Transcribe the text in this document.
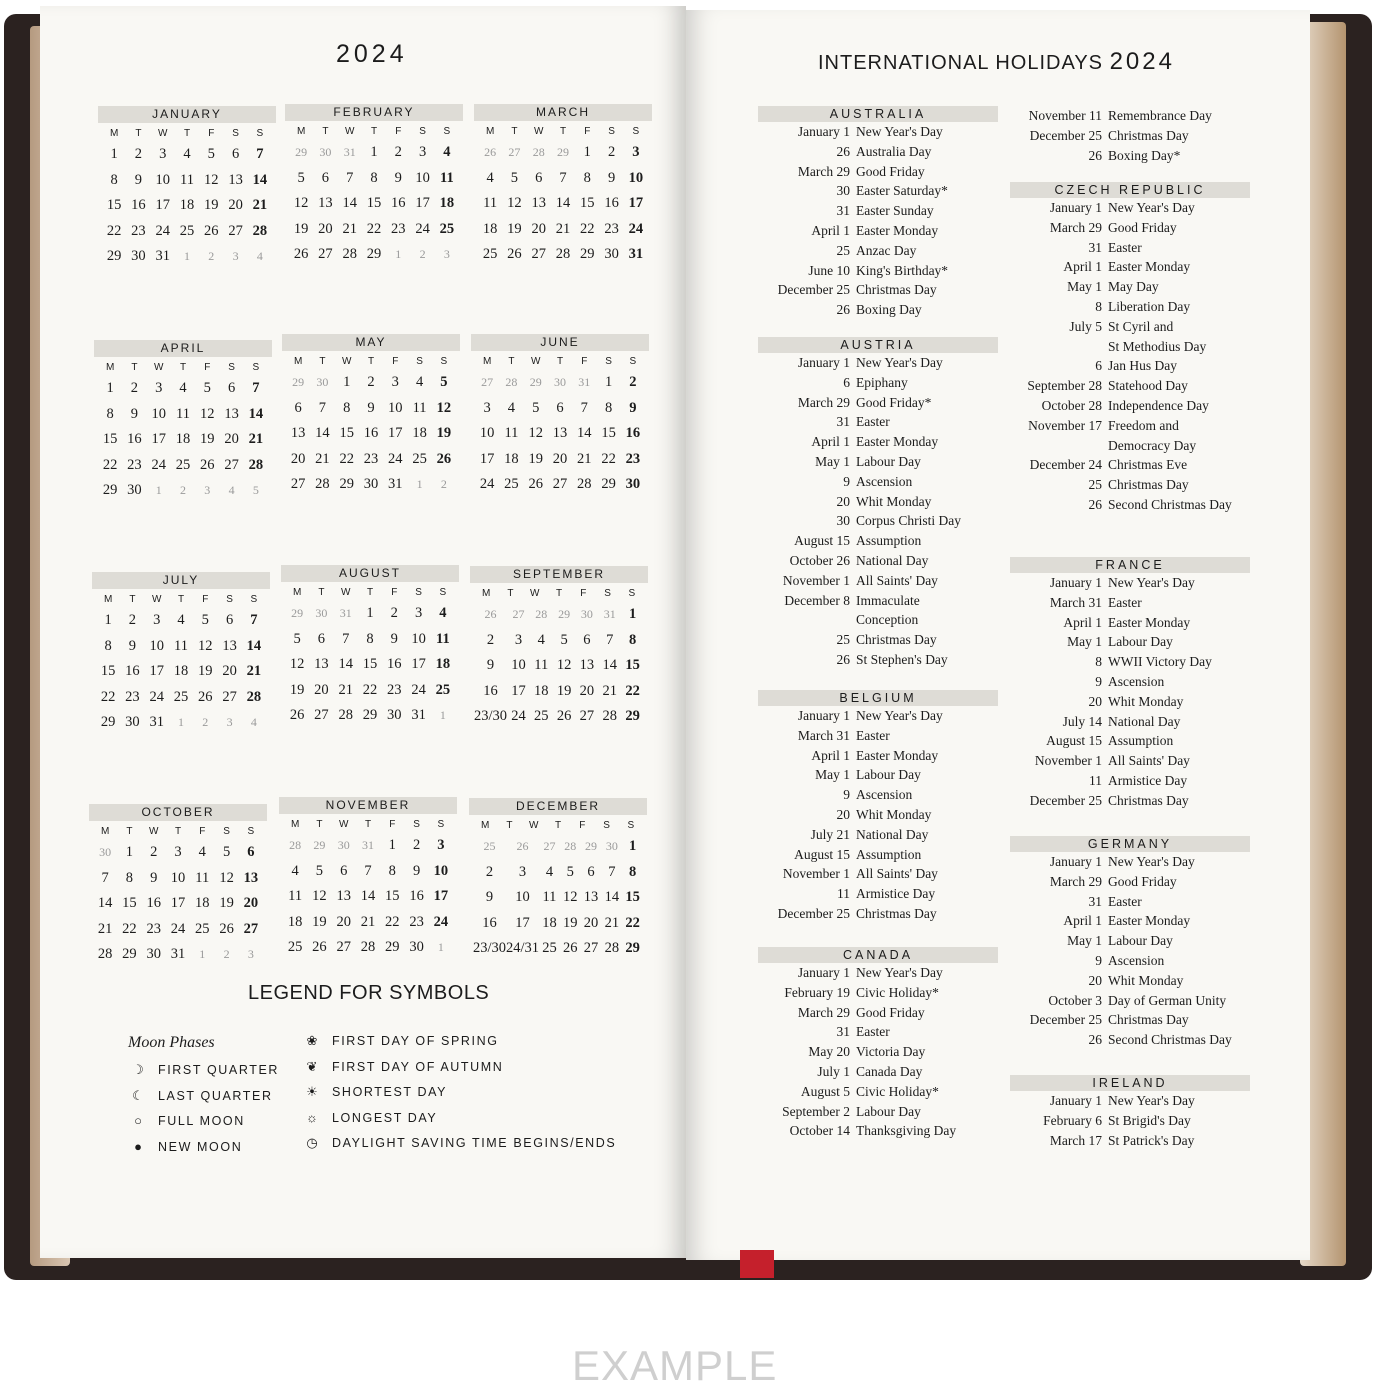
2024
JANUARY
M	T	W	T	F	S	S
1	2	3	4	5	6	7
8	9 10 11 12 13 14
15 16 17 18 19 20 21
22 23 24 25 26 27 28
29 30 31	1	2	3	4
FEBRUARY
M	T	W	T	F	S	S
29	30	31	1	2	3	4
5	6	7	8	9 10 11
12 13 14 15 16 17 18
19 20 21 22 23 24 25
26 27 28 29	1	2	3
MARCH
M	T	W	T	F	S	S
26	27	28	29	1	2	3
4	5	6	7	8	9 10
11 12 13 14 15 16 17
18 19 20 21 22 23 24
25 26 27 28 29 30 31
APRIL
M	T	W	T	F	S	S
1	2	3	4	5	6	7
8	9 10 11 12 13 14
15 16 17 18 19 20 21
22 23 24 25 26 27 28
29 30	1	2	3	4	5
MAY
M	T	W	T	F	S	S
29	30	1	2	3	4	5
6	7	8	9 10 11 12
13 14 15 16 17 18 19
20 21 22 23 24 25 26
27 28 29 30 31	1	2
JUNE
M	T	W	T	F	S	S
27	28	29	30	31	1	2
3	4	5	6	7	8	9
10 11 12 13 14 15 16
17 18 19 20 21 22 23
24 25 26 27 28 29 30
JULY
M	T	W	T	F	S	S
1	2	3	4	5	6	7
8	9 10 11 12 13 14
15 16 17 18 19 20 21
22 23 24 25 26 27 28
29 30 31	1	2	3	4
AUGUST
M	T	W	T	F	S	S
29	30	31	1	2	3	4
5	6	7	8	9 10 11
12 13 14 15 16 17 18
19 20 21 22 23 24 25
26 27 28 29 30 31	1
SEPTEMBER
M	T	W	T	F	S	S
26	27 28 29 30 31 1
2	3	4	5	6	7	8
9	10 11 12 13 14 15
16 17 18 19 20 21 22
23/30 24 25 26 27 28 29
OCTOBER
M	T	W	T	F	S	S
30	1	2	3	4	5	6
7	8	9 10 11 12 13
14 15 16 17 18 19 20
21 22 23 24 25 26 27
28 29 30 31	1	2	3
NOVEMBER
M	T	W	T	F	S	S
28	29	30	31	1	2	3
4	5	6	7	8	9 10
11 12 13 14 15 16 17
18 19 20 21 22 23 24
25 26 27 28 29 30	1
DECEMBER
M	T	W	T	F	S	S
25	26	27 28 29 30 1
2	3	4 5 6 7 8
9	10 11 12 13 14 15
16	17 18 19 20 21 22
23/30 24/31 25 26 27 28 29
LEGEND FOR SYMBOLS
Moon Phases
☽ FIRST QUARTER
☾ LAST QUARTER
○ FULL MOON
● NEW MOON
❀ FIRST DAY OF SPRING
❦ FIRST DAY OF AUTUMN
☀ SHORTEST DAY
☼ LONGEST DAY
◷ DAYLIGHT SAVING TIME BEGINS/ENDS
INTERNATIONAL HOLIDAYS 2024
AUSTRALIA
January 1 New Year's Day
26 Australia Day
March 29 Good Friday
30 Easter Saturday*
31 Easter Sunday
April 1 Easter Monday
25 Anzac Day
June 10 King's Birthday*
December 25 Christmas Day
26 Boxing Day
AUSTRIA
January 1 New Year's Day
6 Epiphany
March 29 Good Friday*
31 Easter
April 1 Easter Monday
May 1 Labour Day
9 Ascension
20 Whit Monday
30 Corpus Christi Day
August 15 Assumption
October 26 National Day
November 1 All Saints' Day
December 8 Immaculate
Conception
25 Christmas Day
26 St Stephen's Day
BELGIUM
January 1 New Year's Day
March 31 Easter
April 1 Easter Monday
May 1 Labour Day
9 Ascension
20 Whit Monday
July 21 National Day
August 15 Assumption
November 1 All Saints' Day
11 Armistice Day
December 25 Christmas Day
CANADA
January 1 New Year's Day
February 19 Civic Holiday*
March 29 Good Friday
31 Easter
May 20 Victoria Day
July 1 Canada Day
August 5 Civic Holiday*
September 2 Labour Day
October 14 Thanksgiving Day
November 11 Remembrance Day
December 25 Christmas Day
26 Boxing Day*
CZECH REPUBLIC
January 1 New Year's Day
March 29 Good Friday
31 Easter
April 1 Easter Monday
May 1 May Day
8 Liberation Day
July 5 St Cyril and
St Methodius Day
6 Jan Hus Day
September 28 Statehood Day
October 28 Independence Day
November 17 Freedom and
Democracy Day
December 24 Christmas Eve
25 Christmas Day
26 Second Christmas Day
FRANCE
January 1 New Year's Day
March 31 Easter
April 1 Easter Monday
May 1 Labour Day
8 WWII Victory Day
9 Ascension
20 Whit Monday
July 14 National Day
August 15 Assumption
November 1 All Saints' Day
11 Armistice Day
December 25 Christmas Day
GERMANY
January 1 New Year's Day
March 29 Good Friday
31 Easter
April 1 Easter Monday
May 1 Labour Day
9 Ascension
20 Whit Monday
October 3 Day of German Unity
December 25 Christmas Day
26 Second Christmas Day
IRELAND
January 1 New Year's Day
February 6 St Brigid's Day
March 17 St Patrick's Day
EXAMPLE
